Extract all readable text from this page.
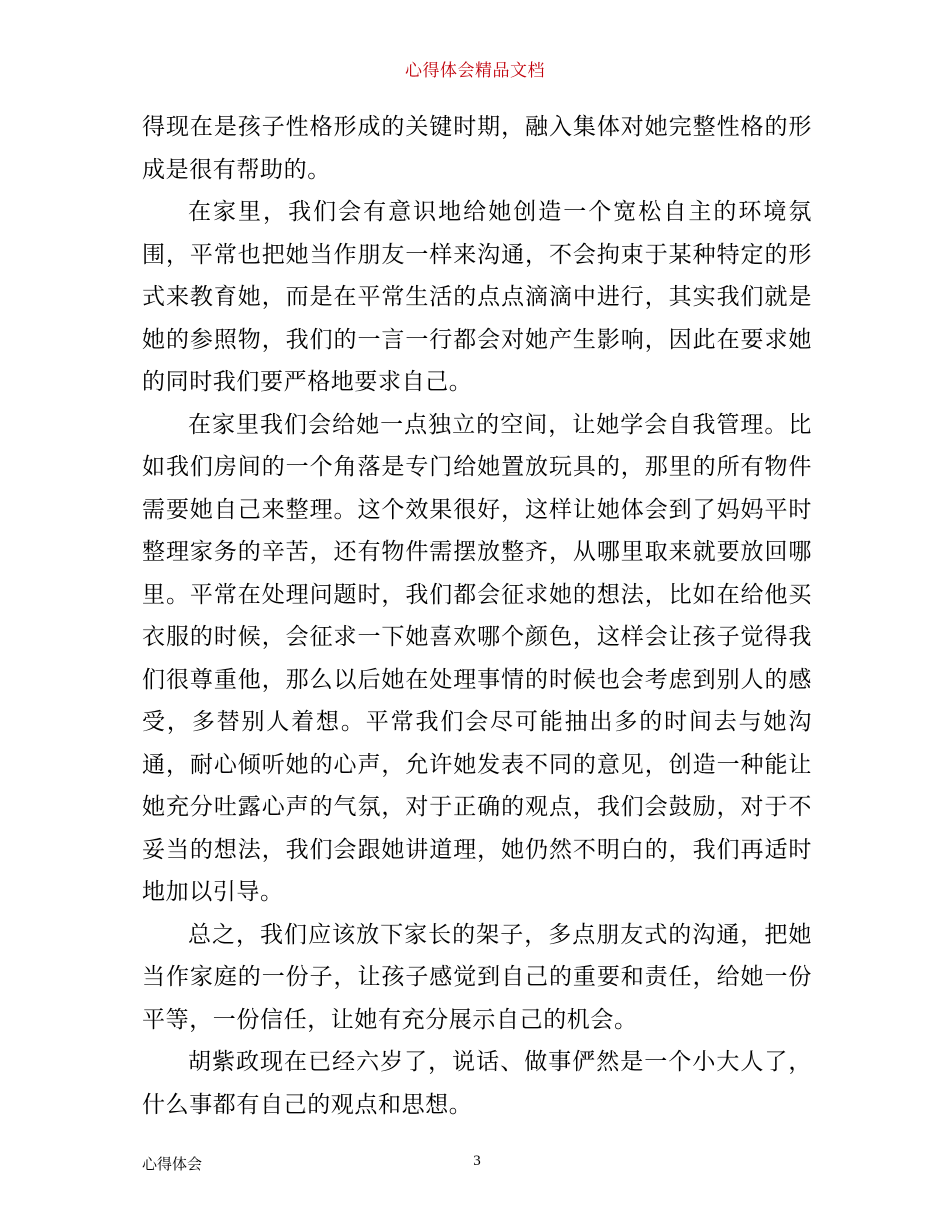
心得体会精品文档

得现在是孩子性格形成的关键时期，融入集体对她完整性格的形成是很有帮助的。

在家里，我们会有意识地给她创造一个宽松自主的环境氛围，平常也把她当作朋友一样来沟通，不会拘束于某种特定的形式来教育她，而是在平常生活的点点滴滴中进行，其实我们就是她的参照物，我们的一言一行都会对她产生影响，因此在要求她的同时我们要严格地要求自己。

在家里我们会给她一点独立的空间，让她学会自我管理。比如我们房间的一个角落是专门给她置放玩具的，那里的所有物件需要她自己来整理。这个效果很好，这样让她体会到了妈妈平时整理家务的辛苦，还有物件需摆放整齐，从哪里取来就要放回哪里。平常在处理问题时，我们都会征求她的想法，比如在给他买衣服的时候，会征求一下她喜欢哪个颜色，这样会让孩子觉得我们很尊重他，那么以后她在处理事情的时候也会考虑到别人的感受，多替别人着想。平常我们会尽可能抽出多的时间去与她沟通，耐心倾听她的心声，允许她发表不同的意见，创造一种能让她充分吐露心声的气氛，对于正确的观点，我们会鼓励，对于不妥当的想法，我们会跟她讲道理，她仍然不明白的，我们再适时地加以引导。

总之，我们应该放下家长的架子，多点朋友式的沟通，把她当作家庭的一份子，让孩子感觉到自己的重要和责任，给她一份平等，一份信任，让她有充分展示自己的机会。

胡紫政现在已经六岁了，说话、做事俨然是一个小大人了，什么事都有自己的观点和思想。

心得体会	3
